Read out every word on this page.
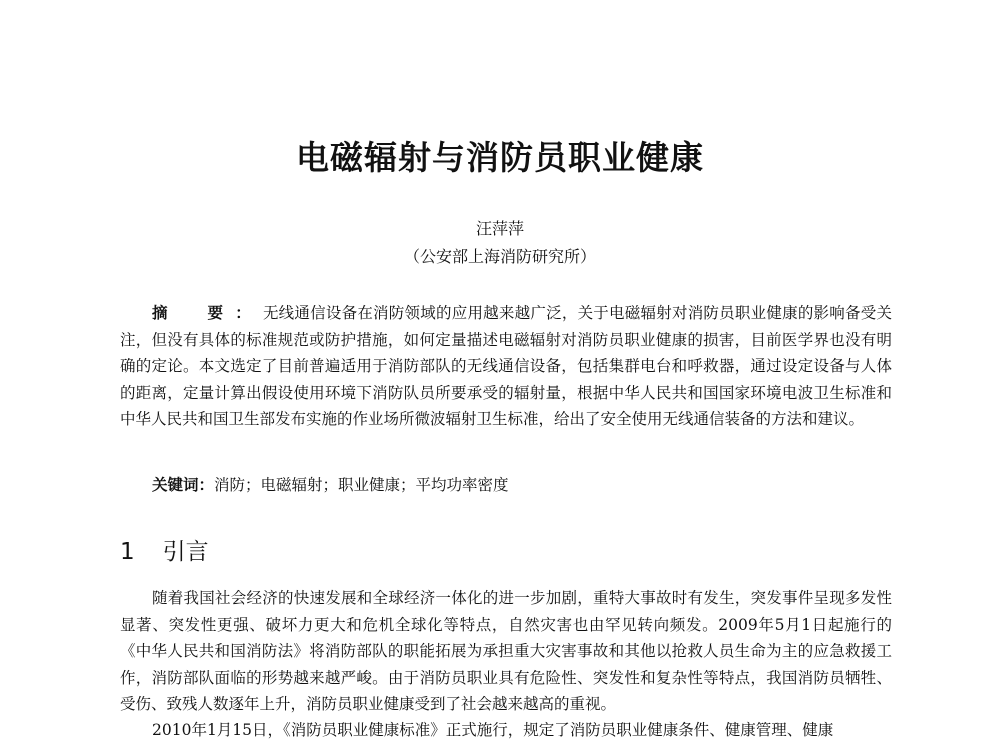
电磁辐射与消防员职业健康
汪萍萍
（公安部上海消防研究所）

摘　要：无线通信设备在消防领域的应用越来越广泛，关于电磁辐射对消防员职业健康的影响备受关注，但没有具体的标准规范或防护措施，如何定量描述电磁辐射对消防员职业健康的损害，目前医学界也没有明确的定论。本文选定了目前普遍适用于消防部队的无线通信设备，包括集群电台和呼救器，通过设定设备与人体的距离，定量计算出假设使用环境下消防队员所要承受的辐射量，根据中华人民共和国国家环境电波卫生标准和中华人民共和国卫生部发布实施的作业场所微波辐射卫生标准，给出了安全使用无线通信装备的方法和建议。

关键词：消防；电磁辐射；职业健康；平均功率密度

1 引言

随着我国社会经济的快速发展和全球经济一体化的进一步加剧，重特大事故时有发生，突发事件呈现多发性显著、突发性更强、破坏力更大和危机全球化等特点，自然灾害也由罕见转向频发。2009年5月1日起施行的《中华人民共和国消防法》将消防部队的职能拓展为承担重大灾害事故和其他以抢救人员生命为主的应急救援工作，消防部队面临的形势越来越严峻。由于消防员职业具有危险性、突发性和复杂性等特点，我国消防员牺牲、受伤、致残人数逐年上升，消防员职业健康受到了社会越来越高的重视。

2010年1月15日，《消防员职业健康标准》正式施行，规定了消防员职业健康条件、健康管理、健康
